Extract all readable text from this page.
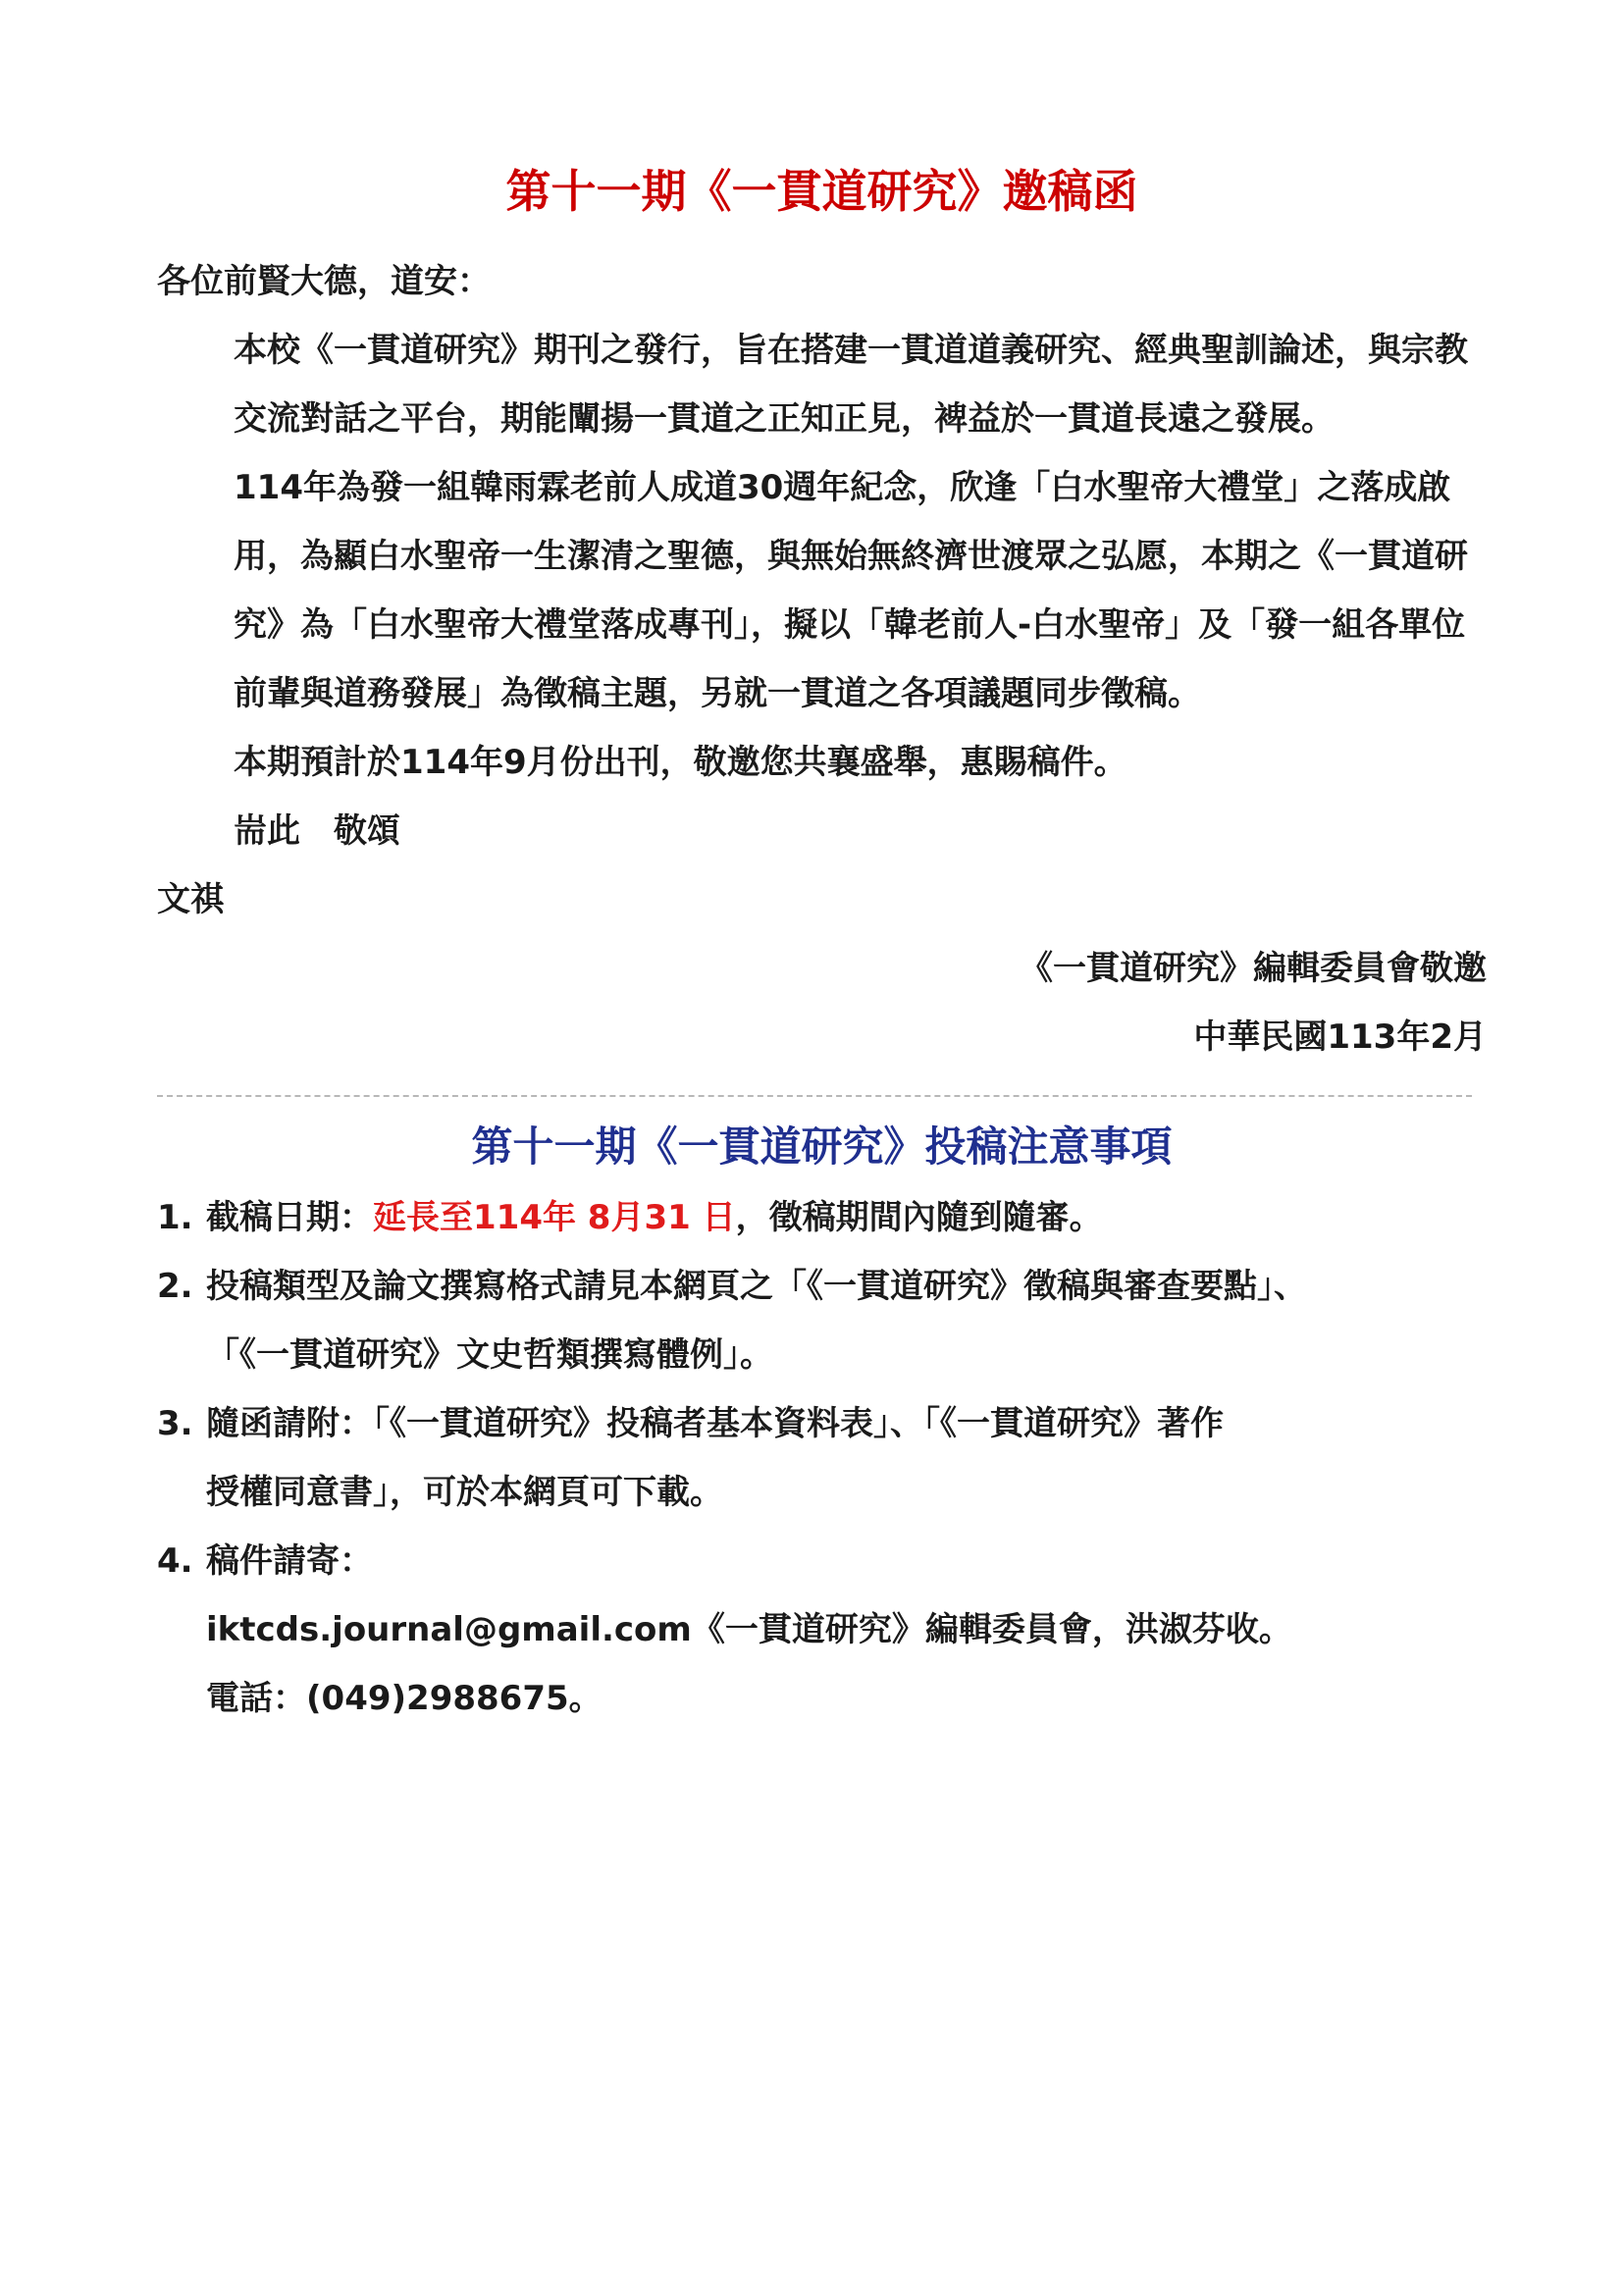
第十一期《一貫道研究》邀稿函
各位前賢大德，道安：
本校《一貫道研究》期刊之發行，旨在搭建一貫道道義研究、經典聖訓論述，與宗教交流對話之平台，期能闡揚一貫道之正知正見，裨益於一貫道長遠之發展。
114年為發一組韓雨霖老前人成道30週年紀念，欣逢「白水聖帝大禮堂」之落成啟用，為顯白水聖帝一生潔清之聖德，與無始無終濟世渡眾之弘愿，本期之《一貫道研究》為「白水聖帝大禮堂落成專刊」，擬以「韓老前人-白水聖帝」及「發一組各單位前輩與道務發展」為徵稿主題，另就一貫道之各項議題同步徵稿。
本期預計於114年9月份出刊，敬邀您共襄盛舉，惠賜稿件。
耑此　敬頌
文祺
《一貫道研究》編輯委員會敬邀
中華民國113年2月
第十一期《一貫道研究》投稿注意事項
1. 截稿日期：延長至114年 8月31 日，徵稿期間內隨到隨審。
2. 投稿類型及論文撰寫格式請見本網頁之「《一貫道研究》徵稿與審查要點」、
「《一貫道研究》文史哲類撰寫體例」。
3. 隨函請附：「《一貫道研究》投稿者基本資料表」、「《一貫道研究》著作
授權同意書」，可於本網頁可下載。
4. 稿件請寄：
iktcds.journal@gmail.com《一貫道研究》編輯委員會，洪淑芬收。
電話：(049)2988675。
